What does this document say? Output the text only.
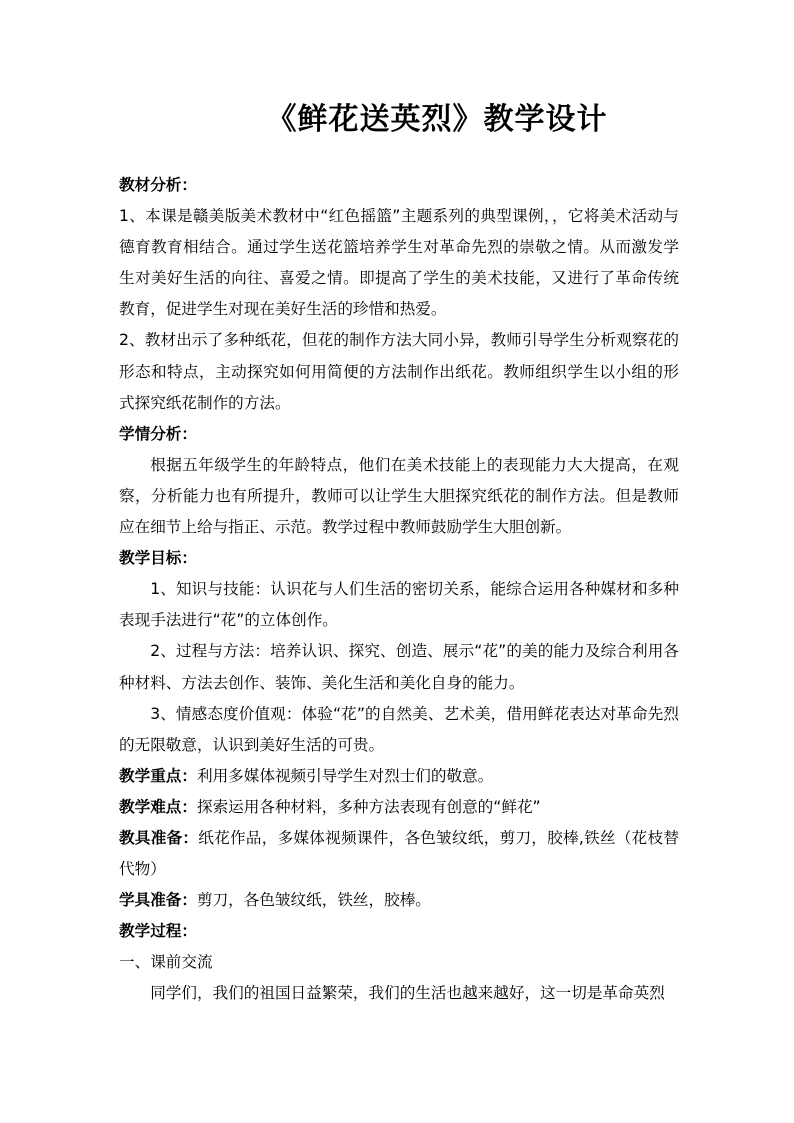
《鲜花送英烈》教学设计

教材分析：

1、本课是赣美版美术教材中“红色摇篮”主题系列的典型课例，，它将美术活动与德育教育相结合。通过学生送花篮培养学生对革命先烈的崇敬之情。从而激发学生对美好生活的向往、喜爱之情。即提高了学生的美术技能，又进行了革命传统教育，促进学生对现在美好生活的珍惜和热爱。

2、教材出示了多种纸花，但花的制作方法大同小异，教师引导学生分析观察花的形态和特点，主动探究如何用简便的方法制作出纸花。教师组织学生以小组的形式探究纸花制作的方法。

学情分析：

根据五年级学生的年龄特点，他们在美术技能上的表现能力大大提高，在观察，分析能力也有所提升，教师可以让学生大胆探究纸花的制作方法。但是教师应在细节上给与指正、示范。教学过程中教师鼓励学生大胆创新。

教学目标：

1、知识与技能：认识花与人们生活的密切关系，能综合运用各种媒材和多种表现手法进行“花”的立体创作。

2、过程与方法：培养认识、探究、创造、展示“花”的美的能力及综合利用各种材料、方法去创作、装饰、美化生活和美化自身的能力。

3、情感态度价值观：体验“花”的自然美、艺术美，借用鲜花表达对革命先烈的无限敬意，认识到美好生活的可贵。

教学重点：利用多媒体视频引导学生对烈士们的敬意。

教学难点：探索运用各种材料，多种方法表现有创意的“鲜花”

教具准备：纸花作品，多媒体视频课件，各色皱纹纸，剪刀，胶棒,铁丝（花枝替代物）

学具准备：剪刀，各色皱纹纸，铁丝，胶棒。

教学过程：

一、课前交流

同学们，我们的祖国日益繁荣，我们的生活也越来越好，这一切是革命英烈
